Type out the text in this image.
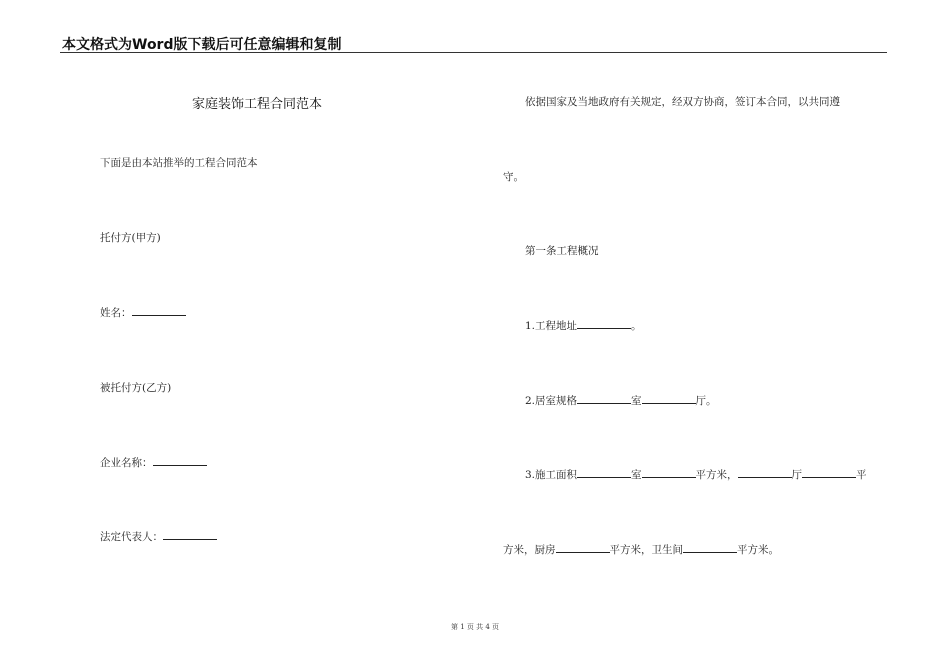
本文格式为Word版下载后可任意编辑和复制
家庭装饰工程合同范本
下面是由本站推举的工程合同范本
托付方(甲方)
姓名：
被托付方(乙方)
企业名称：
法定代表人：
依据国家及当地政府有关规定，经双方协商，签订本合同，以共同遵
守。
第一条工程概况
1.工程地址	。
2.居室规格	室	厅。
3.施工面积	室	平方米，	厅	平
方米，厨房	平方米，卫生间	平方米。
第 1 页 共 4 页
